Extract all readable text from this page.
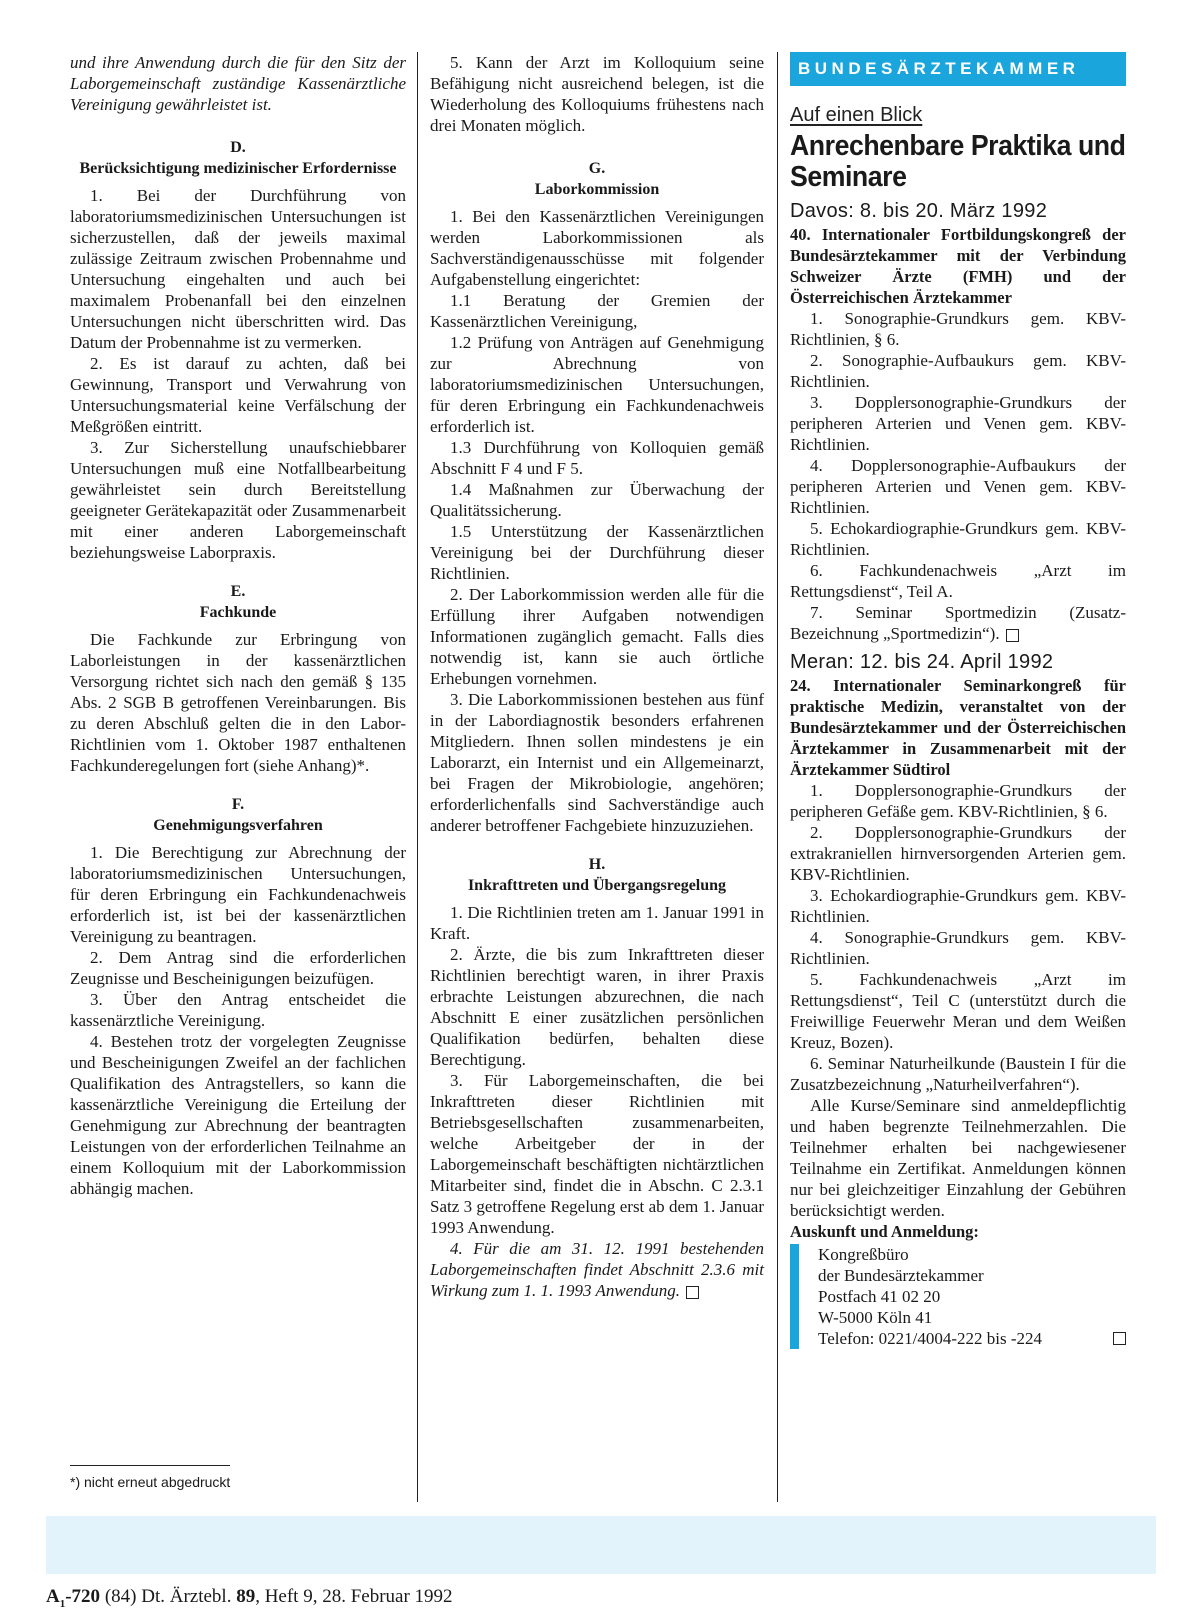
und ihre Anwendung durch die für den Sitz der Laborgemeinschaft zuständige Kassenärztliche Vereinigung gewährleistet ist.

D.
Berücksichtigung medizinischer Erfordernisse

1. Bei der Durchführung von laboratoriumsmedizinischen Untersuchungen ist sicherzustellen, daß der jeweils maximal zulässige Zeitraum zwischen Probennahme und Untersuchung eingehalten und auch bei maximalem Probenanfall bei den einzelnen Untersuchungen nicht überschritten wird. Das Datum der Probennahme ist zu vermerken.

2. Es ist darauf zu achten, daß bei Gewinnung, Transport und Verwahrung von Untersuchungsmaterial keine Verfälschung der Meßgrößen eintritt.

3. Zur Sicherstellung unaufschiebbarer Untersuchungen muß eine Notfallbearbeitung gewährleistet sein durch Bereitstellung geeigneter Gerätekapazität oder Zusammenarbeit mit einer anderen Laborgemeinschaft beziehungsweise Laborpraxis.

E.
Fachkunde

Die Fachkunde zur Erbringung von Laborleistungen in der kassenärztlichen Versorgung richtet sich nach den gemäß § 135 Abs. 2 SGB B getroffenen Vereinbarungen. Bis zu deren Abschluß gelten die in den Labor-Richtlinien vom 1. Oktober 1987 enthaltenen Fachkunderegelungen fort (siehe Anhang)*.

F.
Genehmigungsverfahren

1. Die Berechtigung zur Abrechnung der laboratoriumsmedizinischen Untersuchungen, für deren Erbringung ein Fachkundenachweis erforderlich ist, ist bei der kassenärztlichen Vereinigung zu beantragen.

2. Dem Antrag sind die erforderlichen Zeugnisse und Bescheinigungen beizufügen.

3. Über den Antrag entscheidet die kassenärztliche Vereinigung.

4. Bestehen trotz der vorgelegten Zeugnisse und Bescheinigungen Zweifel an der fachlichen Qualifikation des Antragstellers, so kann die kassenärztliche Vereinigung die Erteilung der Genehmigung zur Abrechnung der beantragten Leistungen von der erforderlichen Teilnahme an einem Kolloquium mit der Laborkommission abhängig machen.

5. Kann der Arzt im Kolloquium seine Befähigung nicht ausreichend belegen, ist die Wiederholung des Kolloquiums frühestens nach drei Monaten möglich.

G.
Laborkommission

1. Bei den Kassenärztlichen Vereinigungen werden Laborkommissionen als Sachverständigenausschüsse mit folgender Aufgabenstellung eingerichtet:

1.1 Beratung der Gremien der Kassenärztlichen Vereinigung,

1.2 Prüfung von Anträgen auf Genehmigung zur Abrechnung von laboratoriumsmedizinischen Untersuchungen, für deren Erbringung ein Fachkundenachweis erforderlich ist.

1.3 Durchführung von Kolloquien gemäß Abschnitt F 4 und F 5.

1.4 Maßnahmen zur Überwachung der Qualitätssicherung.

1.5 Unterstützung der Kassenärztlichen Vereinigung bei der Durchführung dieser Richtlinien.

2. Der Laborkommission werden alle für die Erfüllung ihrer Aufgaben notwendigen Informationen zugänglich gemacht. Falls dies notwendig ist, kann sie auch örtliche Erhebungen vornehmen.

3. Die Laborkommissionen bestehen aus fünf in der Labordiagnostik besonders erfahrenen Mitgliedern. Ihnen sollen mindestens je ein Laborarzt, ein Internist und ein Allgemeinarzt, bei Fragen der Mikrobiologie, angehören; erforderlichenfalls sind Sachverständige auch anderer betroffener Fachgebiete hinzuzuziehen.

H.
Inkrafttreten und Übergangsregelung

1. Die Richtlinien treten am 1. Januar 1991 in Kraft.

2. Ärzte, die bis zum Inkrafttreten dieser Richtlinien berechtigt waren, in ihrer Praxis erbrachte Leistungen abzurechnen, die nach Abschnitt E einer zusätzlichen persönlichen Qualifikation bedürfen, behalten diese Berechtigung.

3. Für Laborgemeinschaften, die bei Inkrafttreten dieser Richtlinien mit Betriebsgesellschaften zusammenarbeiten, welche Arbeitgeber der in der Laborgemeinschaft beschäftigten nichtärztlichen Mitarbeiter sind, findet die in Abschn. C 2.3.1 Satz 3 getroffene Regelung erst ab dem 1. Januar 1993 Anwendung.

4. Für die am 31. 12. 1991 bestehenden Laborgemeinschaften findet Abschnitt 2.3.6 mit Wirkung zum 1. 1. 1993 Anwendung.

BUNDESÄRZTEKAMMER
Auf einen Blick
Anrechenbare Praktika und Seminare
Davos: 8. bis 20. März 1992
40. Internationaler Fortbildungskongreß der Bundesärztekammer mit der Verbindung Schweizer Ärzte (FMH) und der Österreichischen Ärztekammer

1. Sonographie-Grundkurs gem. KBV-Richtlinien, § 6.

2. Sonographie-Aufbaukurs gem. KBV-Richtlinien.

3. Dopplersonographie-Grundkurs der peripheren Arterien und Venen gem. KBV-Richtlinien.

4. Dopplersonographie-Aufbaukurs der peripheren Arterien und Venen gem. KBV-Richtlinien.

5. Echokardiographie-Grundkurs gem. KBV-Richtlinien.

6. Fachkundenachweis „Arzt im Rettungsdienst“, Teil A.

7. Seminar Sportmedizin (Zusatz-Bezeichnung „Sportmedizin“).

Meran: 12. bis 24. April 1992
24. Internationaler Seminarkongreß für praktische Medizin, veranstaltet von der Bundesärztekammer und der Österreichischen Ärztekammer in Zusammenarbeit mit der Ärztekammer Südtirol

1. Dopplersonographie-Grundkurs der peripheren Gefäße gem. KBV-Richtlinien, § 6.

2. Dopplersonographie-Grundkurs der extrakraniellen hirnversorgenden Arterien gem. KBV-Richtlinien.

3. Echokardiographie-Grundkurs gem. KBV-Richtlinien.

4. Sonographie-Grundkurs gem. KBV-Richtlinien.

5. Fachkundenachweis „Arzt im Rettungsdienst“, Teil C (unterstützt durch die Freiwillige Feuerwehr Meran und dem Weißen Kreuz, Bozen).

6. Seminar Naturheilkunde (Baustein I für die Zusatzbezeichnung „Naturheilverfahren“).

Alle Kurse/Seminare sind anmeldepflichtig und haben begrenzte Teilnehmerzahlen. Die Teilnehmer erhalten bei nachgewiesener Teilnahme ein Zertifikat. Anmeldungen können nur bei gleichzeitiger Einzahlung der Gebühren berücksichtigt werden.

Auskunft und Anmeldung:
Kongreßbüro
der Bundesärztekammer
Postfach 41 02 20
W-5000 Köln 41
Telefon: 0221/4004-222 bis -224
*) nicht erneut abgedruckt
$A_1-720$ (84) Dt. Ärztebl. 89, Heft 9, 28. Februar 1992
